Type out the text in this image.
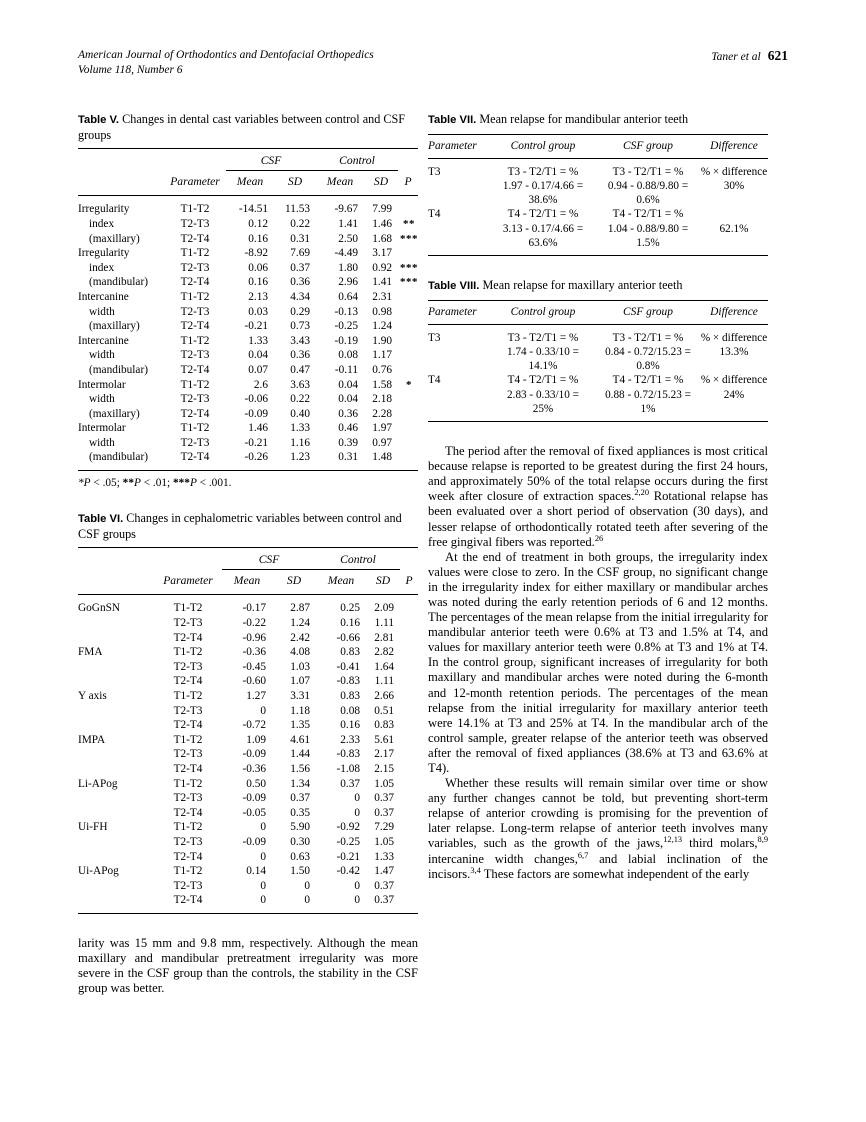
American Journal of Orthodontics and Dentofacial Orthopedics
Volume 118, Number 6
Taner et al 621
Table V. Changes in dental cast variables between control and CSF groups
		CSF		Control		

	Parameter	Mean	SD	Mean	SD	P

Irregularity	T1-T2	-14.51	11.53	-9.67	7.99	
index	T2-T3	0.12	0.22	1.41	1.46	**
(maxillary)	T2-T4	0.16	0.31	2.50	1.68	***
Irregularity	T1-T2	-8.92	7.69	-4.49	3.17	
index	T2-T3	0.06	0.37	1.80	0.92	***
(mandibular)	T2-T4	0.16	0.36	2.96	1.41	***
Intercanine	T1-T2	2.13	4.34	0.64	2.31	
width	T2-T3	0.03	0.29	-0.13	0.98	
(maxillary)	T2-T4	-0.21	0.73	-0.25	1.24	
Intercanine	T1-T2	1.33	3.43	-0.19	1.90	
width	T2-T3	0.04	0.36	0.08	1.17	
(mandibular)	T2-T4	0.07	0.47	-0.11	0.76	
Intermolar	T1-T2	2.6	3.63	0.04	1.58	*
width	T2-T3	-0.06	0.22	0.04	2.18	
(maxillary)	T2-T4	-0.09	0.40	0.36	2.28	
Intermolar	T1-T2	1.46	1.33	0.46	1.97	
width	T2-T3	-0.21	1.16	0.39	0.97	
(mandibular)	T2-T4	-0.26	1.23	0.31	1.48	

*P < .05; **P < .01; ***P < .001.
Table VI. Changes in cephalometric variables between control and CSF groups
		CSF		Control		

	Parameter	Mean	SD	Mean	SD	P

GoGnSN	T1-T2	-0.17	2.87	0.25	2.09	
	T2-T3	-0.22	1.24	0.16	1.11	
	T2-T4	-0.96	2.42	-0.66	2.81	
FMA	T1-T2	-0.36	4.08	0.83	2.82	
	T2-T3	-0.45	1.03	-0.41	1.64	
	T2-T4	-0.60	1.07	-0.83	1.11	
Y axis	T1-T2	1.27	3.31	0.83	2.66	
	T2-T3	0	1.18	0.08	0.51	
	T2-T4	-0.72	1.35	0.16	0.83	
IMPA	T1-T2	1.09	4.61	2.33	5.61	
	T2-T3	-0.09	1.44	-0.83	2.17	
	T2-T4	-0.36	1.56	-1.08	2.15	
Li-APog	T1-T2	0.50	1.34	0.37	1.05	
	T2-T3	-0.09	0.37	0	0.37	
	T2-T4	-0.05	0.35	0	0.37	
Ui-FH	T1-T2	0	5.90	-0.92	7.29	
	T2-T3	-0.09	0.30	-0.25	1.05	
	T2-T4	0	0.63	-0.21	1.33	
Ui-APog	T1-T2	0.14	1.50	-0.42	1.47	
	T2-T3	0	0	0	0.37	
	T2-T4	0	0	0	0.37	

larity was 15 mm and 9.8 mm, respectively. Although the mean maxillary and mandibular pretreatment irregularity was more severe in the CSF group than the controls, the stability in the CSF group was better.

Table VII. Mean relapse for mandibular anterior teeth
Parameter	Control group	CSF group	Difference

T3	T3 - T2/T1 = %	T3 - T2/T1 = %	% × difference
	1.97 - 0.17/4.66 =	0.94 - 0.88/9.80 =	30%
	38.6%	0.6%	
T4	T4 - T2/T1 = %	T4 - T2/T1 = %	
	3.13 - 0.17/4.66 =	1.04 - 0.88/9.80 =	62.1%
	63.6%	1.5%	

Table VIII. Mean relapse for maxillary anterior teeth
Parameter	Control group	CSF group	Difference

T3	T3 - T2/T1 = %	T3 - T2/T1 = %	% × difference
	1.74 - 0.33/10 =	0.84 - 0.72/15.23 =	13.3%
	14.1%	0.8%	
T4	T4 - T2/T1 = %	T4 - T2/T1 = %	% × difference
	2.83 - 0.33/10 =	0.88 - 0.72/15.23 =	24%
	25%	1%	

The period after the removal of fixed appliances is most critical because relapse is reported to be greatest during the first 24 hours, and approximately 50% of the total relapse occurs during the first week after closure of extraction spaces.$^{2,20}$ Rotational relapse has been evaluated over a short period of observation (30 days), and lesser relapse of orthodontically rotated teeth after severing of the free gingival fibers was reported.$^{26}$

At the end of treatment in both groups, the irregularity index values were close to zero. In the CSF group, no significant change in the irregularity index for either maxillary or mandibular arches was noted during the early retention periods of 6 and 12 months. The percentages of the mean relapse from the initial irregularity for mandibular anterior teeth were 0.6% at T3 and 1.5% at T4, and values for maxillary anterior teeth were 0.8% at T3 and 1% at T4. In the control group, significant increases of irregularity for both maxillary and mandibular arches were noted during the 6-month and 12-month retention periods. The percentages of the mean relapse from the initial irregularity for maxillary anterior teeth were 14.1% at T3 and 25% at T4. In the mandibular arch of the control sample, greater relapse of the anterior teeth was observed after the removal of fixed appliances (38.6% at T3 and 63.6% at T4).

Whether these results will remain similar over time or show any further changes cannot be told, but preventing short-term relapse of anterior crowding is promising for the prevention of later relapse. Long-term relapse of anterior teeth involves many variables, such as the growth of the jaws,$^{12,13}$ third molars,$^{8,9}$ intercanine width changes,$^{6,7}$ and labial inclination of the incisors.$^{3,4}$ These factors are somewhat independent of the early
